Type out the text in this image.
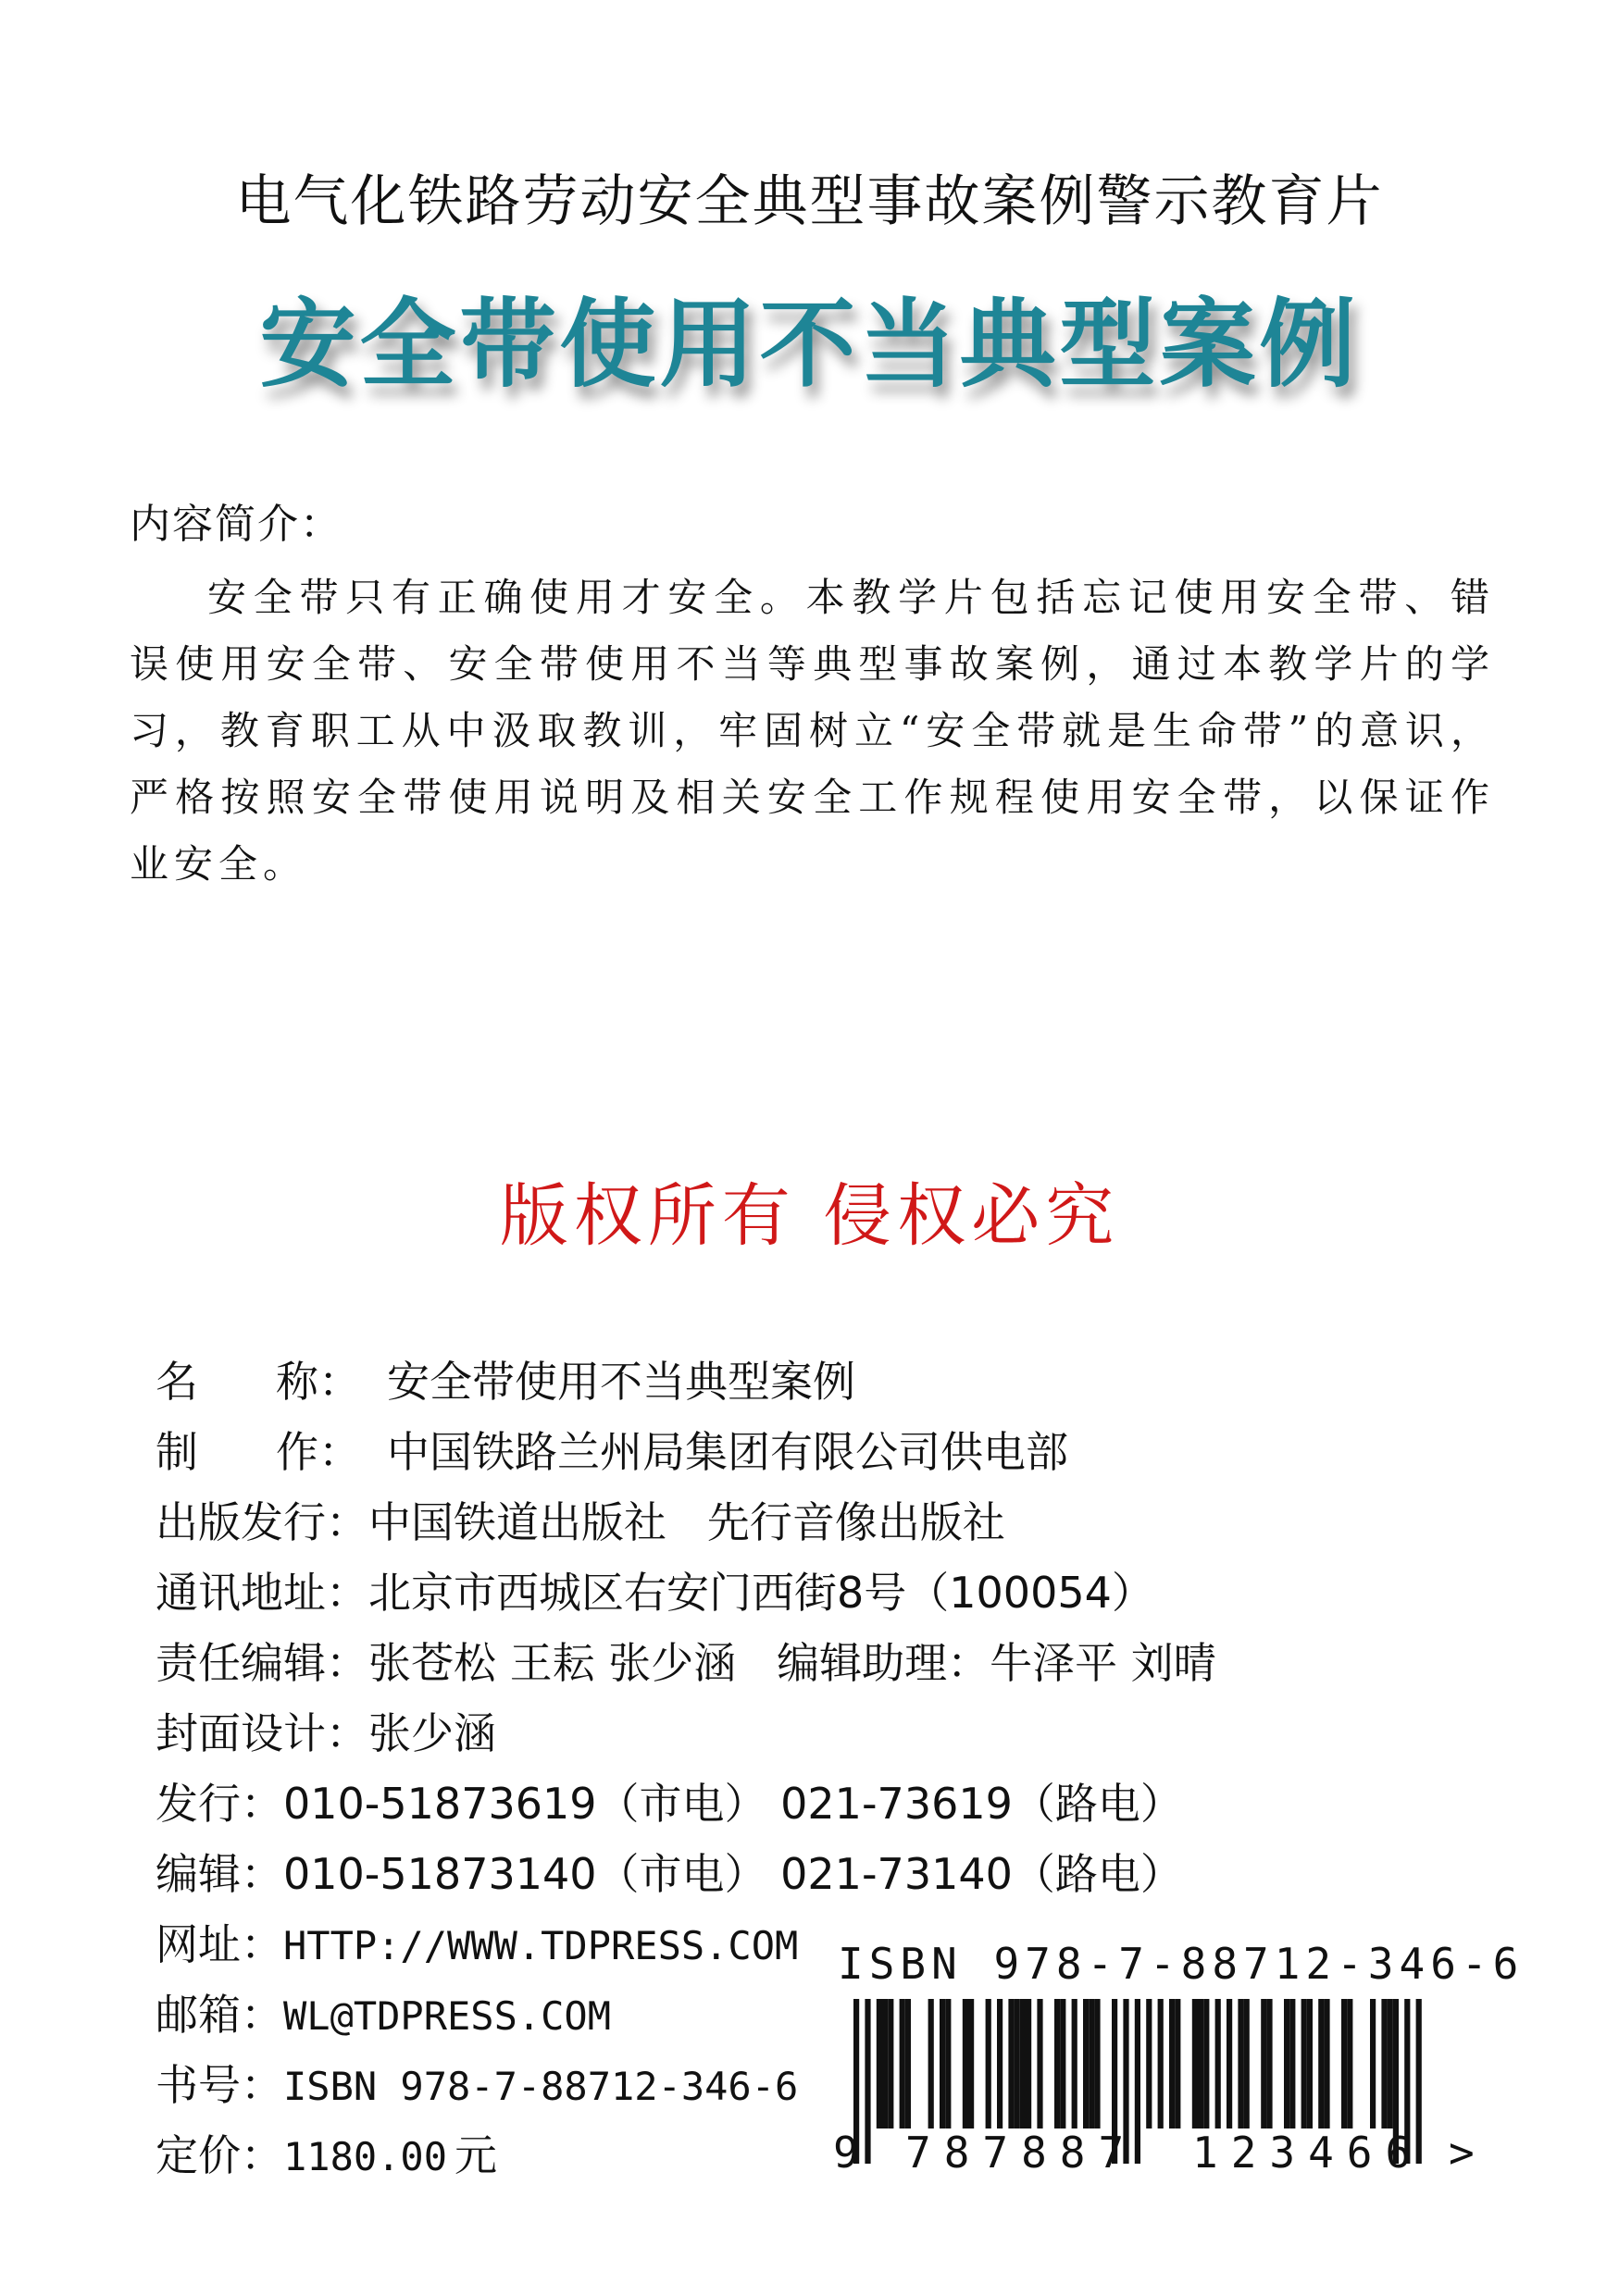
电气化铁路劳动安全典型事故案例警示教育片
安全带使用不当典型案例
内容简介：
安全带只有正确使用才安全。本教学片包括忘记使用安全带、错误使用安全带、安全带使用不当等典型事故案例，通过本教学片的学习，教育职工从中汲取教训，牢固树立“安全带就是生命带”的意识，严格按照安全带使用说明及相关安全工作规程使用安全带，以保证作业安全。
版权所有 侵权必究
名 称： 安全带使用不当典型案例
制 作： 中国铁路兰州局集团有限公司供电部
出版发行：中国铁道出版社   先行音像出版社
通讯地址：北京市西城区右安门西街8号（100054）
责任编辑：张苍松 王耘 张少涵   编辑助理：牛泽平 刘晴
封面设计：张少涵
发行：010-51873619（市电） 021-73619（路电）
编辑：010-51873140（市电） 021-73140（路电）
网址：HTTP://WWW.TDPRESS.COM
邮箱：WL@TDPRESS.COM
书号：ISBN 978-7-88712-346-6
定价：1180.00 元
ISBN 978-7-88712-346-6
9 787887 123466 >
